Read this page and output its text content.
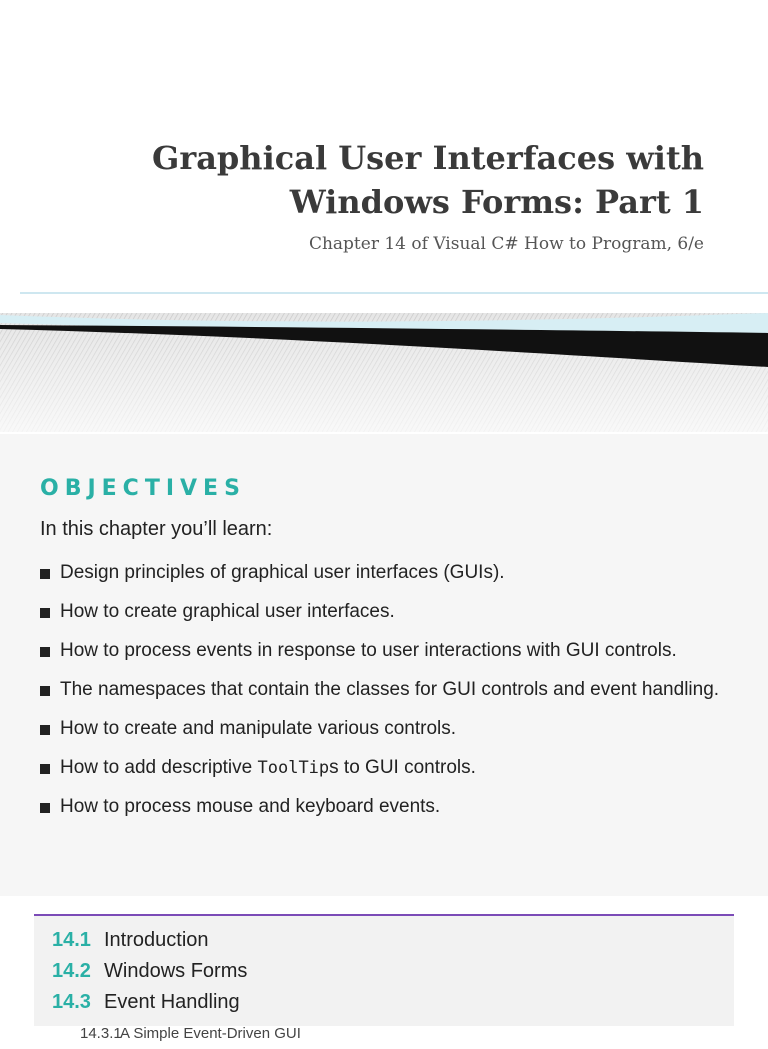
Graphical User Interfaces with
Windows Forms: Part 1
Chapter 14 of Visual C# How to Program, 6/e
OBJECTIVES
In this chapter you’ll learn:
Design principles of graphical user interfaces (GUIs).
How to create graphical user interfaces.
How to process events in response to user interactions with GUI controls.
The namespaces that contain the classes for GUI controls and event handling.
How to create and manipulate various controls.
How to add descriptive ToolTips to GUI controls.
How to process mouse and keyboard events.
14.1 Introduction
14.2 Windows Forms
14.3 Event Handling
14.3.1
A Simple Event-Driven GUI
